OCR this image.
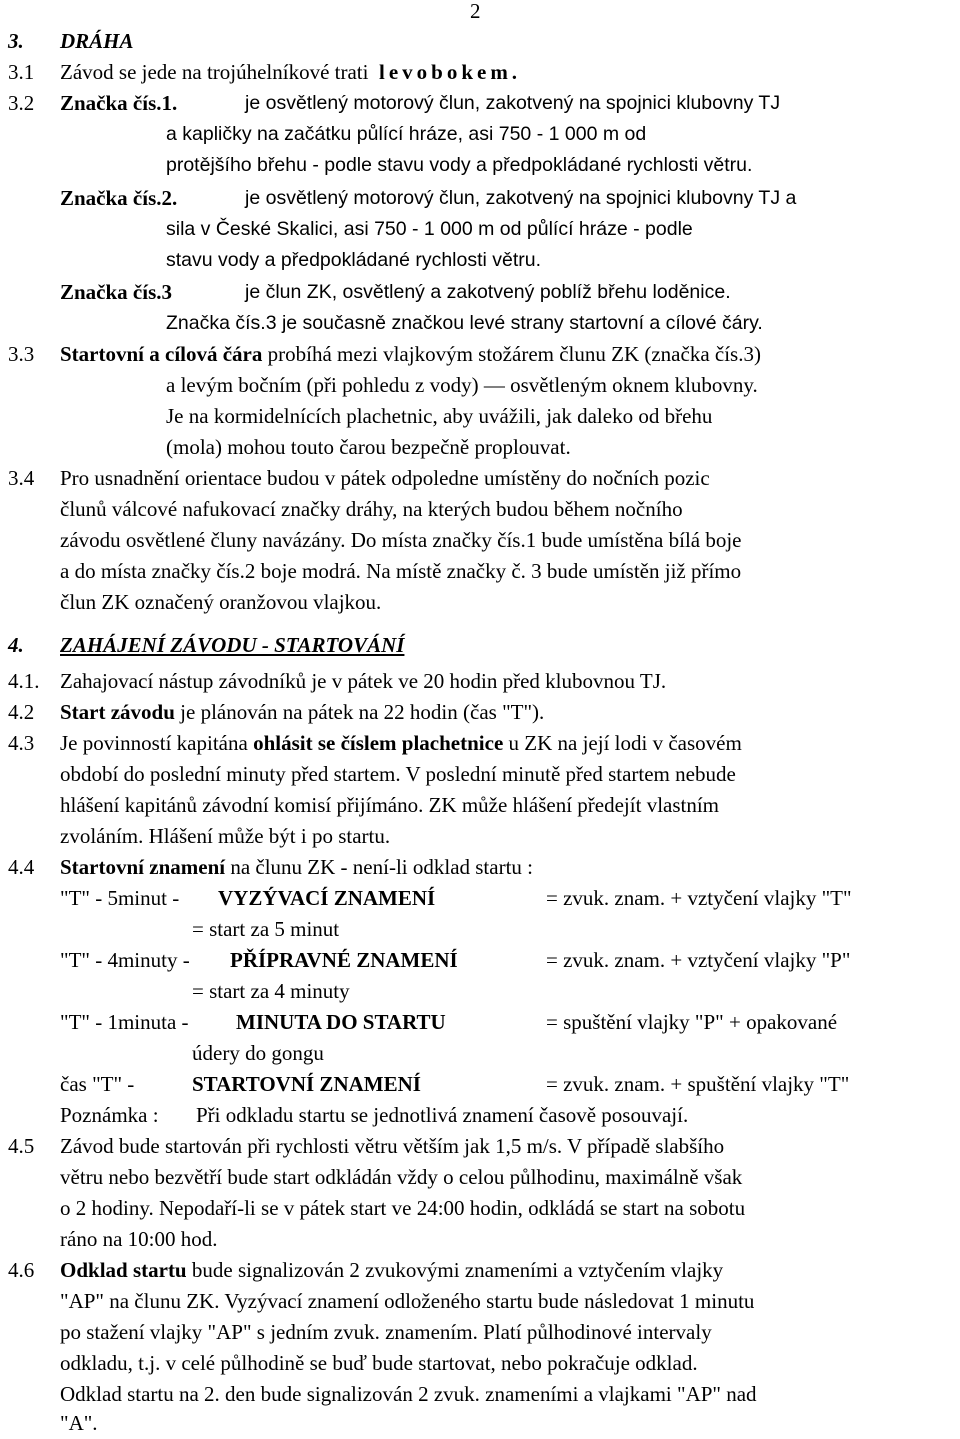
2
3. DRÁHA
3.1 Závod se jede na trojúhelníkové trati levobokem.
3.2 Značka čís.1.	je osvětlený motorový člun, zakotvený na spojnici klubovny TJ
a kapličky na začátku půlící hráze, asi 750 - 1 000 m od
protějšího břehu - podle stavu vody a předpokládané rychlosti větru.
Značka čís.2.	je osvětlený motorový člun, zakotvený na spojnici klubovny TJ a
sila v České Skalici, asi 750 - 1 000 m od půlící hráze - podle
stavu vody a předpokládané rychlosti větru.
Značka čís.3	je člun ZK, osvětlený a zakotvený poblíž břehu loděnice.
Značka čís.3 je současně značkou levé strany startovní a cílové čáry.
3.3 Startovní a cílová čára probíhá mezi vlajkovým stožárem člunu ZK (značka čís.3)
a levým bočním (při pohledu z vody) ― osvětleným oknem klubovny.
Je na kormidelnících plachetnic, aby uvážili, jak daleko od břehu
(mola) mohou touto čarou bezpečně proplouvat.
3.4 Pro usnadnění orientace budou v pátek odpoledne umístěny do nočních pozic
člunů válcové nafukovací značky dráhy, na kterých budou během nočního
závodu osvětlené čluny navázány. Do místa značky čís.1 bude umístěna bílá boje
a do místa značky čís.2 boje modrá. Na místě značky č. 3 bude umístěn již přímo
člun ZK označený oranžovou vlajkou.
4. ZAHÁJENÍ ZÁVODU - STARTOVÁNÍ
4.1. Zahajovací nástup závodníků je v pátek ve 20 hodin před klubovnou TJ.
4.2 Start závodu je plánován na pátek na 22 hodin (čas "T").
4.3 Je povinností kapitána ohlásit se číslem plachetnice u ZK na její lodi v časovém
období do poslední minuty před startem. V poslední minutě před startem nebude
hlášení kapitánů závodní komisí přijímáno. ZK může hlášení předejít vlastním
zvoláním. Hlášení může být i po startu.
4.4 Startovní znamení na člunu ZK - není-li odklad startu :
"T" - 5minut - VYZÝVACÍ ZNAMENÍ	= zvuk. znam. + vztyčení vlajky "T"
= start za 5 minut
"T" - 4minuty - PŘÍPRAVNÉ ZNAMENÍ	= zvuk. znam. + vztyčení vlajky "P"
= start za 4 minuty
"T" - 1minuta - MINUTA DO STARTU	= spuštění vlajky "P" + opakované
údery do gongu
čas "T" -	STARTOVNÍ ZNAMENÍ	= zvuk. znam. + spuštění vlajky "T"
Poznámka : Při odkladu startu se jednotlivá znamení časově posouvají.
4.5 Závod bude startován při rychlosti větru větším jak 1,5 m/s. V případě slabšího
větru nebo bezvětří bude start odkládán vždy o celou půlhodinu, maximálně však
o 2 hodiny. Nepodaří-li se v pátek start ve 24:00 hodin, odkládá se start na sobotu
ráno na 10:00 hod.
4.6 Odklad startu bude signalizován 2 zvukovými znameními a vztyčením vlajky
"AP" na člunu ZK. Vyzývací znamení odloženého startu bude následovat 1 minutu
po stažení vlajky "AP" s jedním zvuk. znamením. Platí půlhodinové intervaly
odkladu, t.j. v celé půlhodině se buď bude startovat, nebo pokračuje odklad.
Odklad startu na 2. den bude signalizován 2 zvuk. znameními a vlajkami "AP" nad
"A".
